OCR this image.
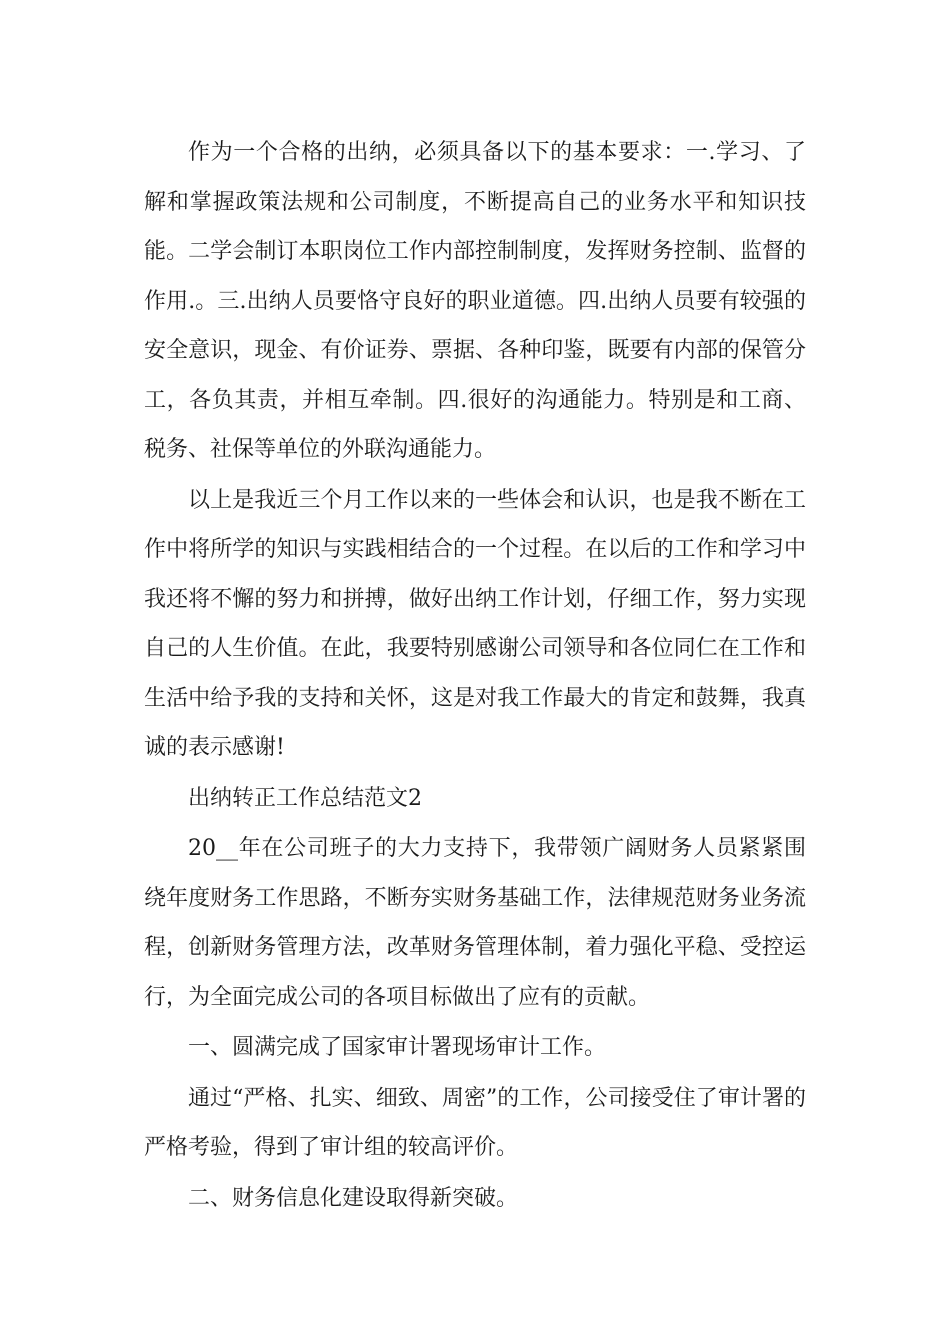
作为一个合格的出纳，必须具备以下的基本要求：一.学习、了解和掌握政策法规和公司制度，不断提高自己的业务水平和知识技能。二学会制订本职岗位工作内部控制制度，发挥财务控制、监督的作用.。三.出纳人员要恪守良好的职业道德。四.出纳人员要有较强的安全意识，现金、有价证券、票据、各种印鉴，既要有内部的保管分工，各负其责，并相互牵制。四.很好的沟通能力。特别是和工商、税务、社保等单位的外联沟通能力。

以上是我近三个月工作以来的一些体会和认识，也是我不断在工作中将所学的知识与实践相结合的一个过程。在以后的工作和学习中我还将不懈的努力和拼搏，做好出纳工作计划，仔细工作，努力实现自己的人生价值。在此，我要特别感谢公司领导和各位同仁在工作和生活中给予我的支持和关怀，这是对我工作最大的肯定和鼓舞，我真诚的表示感谢!

出纳转正工作总结范文2

20__年在公司班子的大力支持下，我带领广阔财务人员紧紧围绕年度财务工作思路，不断夯实财务基础工作，法律规范财务业务流程，创新财务管理方法，改革财务管理体制，着力强化平稳、受控运行，为全面完成公司的各项目标做出了应有的贡献。

一、圆满完成了国家审计署现场审计工作。

通过“严格、扎实、细致、周密”的工作，公司接受住了审计署的严格考验，得到了审计组的较高评价。

二、财务信息化建设取得新突破。
